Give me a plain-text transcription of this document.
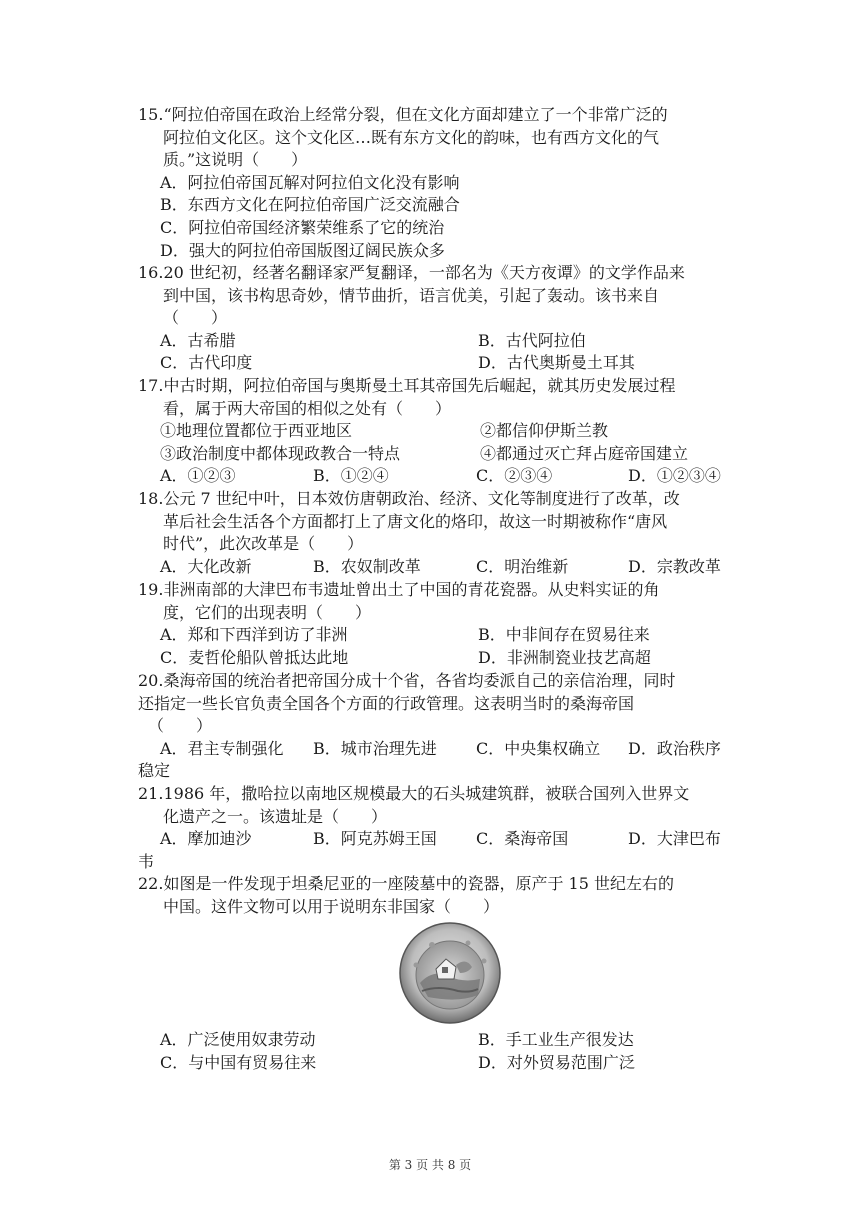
15.“阿拉伯帝国在政治上经常分裂，但在文化方面却建立了一个非常广泛的
阿拉伯文化区。这个文化区…既有东方文化的韵味，也有西方文化的气
质。”这说明（　　）
A．阿拉伯帝国瓦解对阿拉伯文化没有影响
B．东西方文化在阿拉伯帝国广泛交流融合
C．阿拉伯帝国经济繁荣维系了它的统治
D．强大的阿拉伯帝国版图辽阔民族众多
16.20 世纪初，经著名翻译家严复翻译，一部名为《天方夜谭》的文学作品来
到中国，该书构思奇妙，情节曲折，语言优美，引起了轰动。该书来自
（　　）
A．古希腊	B．古代阿拉伯
C．古代印度	D．古代奥斯曼土耳其
17.中古时期，阿拉伯帝国与奥斯曼土耳其帝国先后崛起，就其历史发展过程
看，属于两大帝国的相似之处有（　　）
①地理位置都位于西亚地区	②都信仰伊斯兰教
③政治制度中都体现政教合一特点	④都通过灭亡拜占庭帝国建立
A．①②③	B．①②④	C．②③④	D．①②③④
18.公元 7 世纪中叶，日本效仿唐朝政治、经济、文化等制度进行了改革，改
革后社会生活各个方面都打上了唐文化的烙印，故这一时期被称作“唐风
时代”，此次改革是（　　）
A．大化改新	B．农奴制改革	C．明治维新	D．宗教改革
19.非洲南部的大津巴布韦遗址曾出土了中国的青花瓷器。从史料实证的角
度，它们的出现表明（　　）
A．郑和下西洋到访了非洲	B．中非间存在贸易往来
C．麦哲伦船队曾抵达此地	D．非洲制瓷业技艺高超
20.桑海帝国的统治者把帝国分成十个省，各省均委派自己的亲信治理，同时
还指定一些长官负责全国各个方面的行政管理。这表明当时的桑海帝国
（　　）
A．君主专制强化 B．城市治理先进 C．中央集权确立 D．政治秩序
稳定
21.1986 年，撒哈拉以南地区规模最大的石头城建筑群，被联合国列入世界文
化遗产之一。该遗址是（　　）
A．摩加迪沙	B．阿克苏姆王国 C．桑海帝国	D．大津巴布
韦
22.如图是一件发现于坦桑尼亚的一座陵墓中的瓷器，原产于 15 世纪左右的
中国。这件文物可以用于说明东非国家（　　）
A．广泛使用奴隶劳动	B．手工业生产很发达
C．与中国有贸易往来	D．对外贸易范围广泛
第 3 页 共 8 页
